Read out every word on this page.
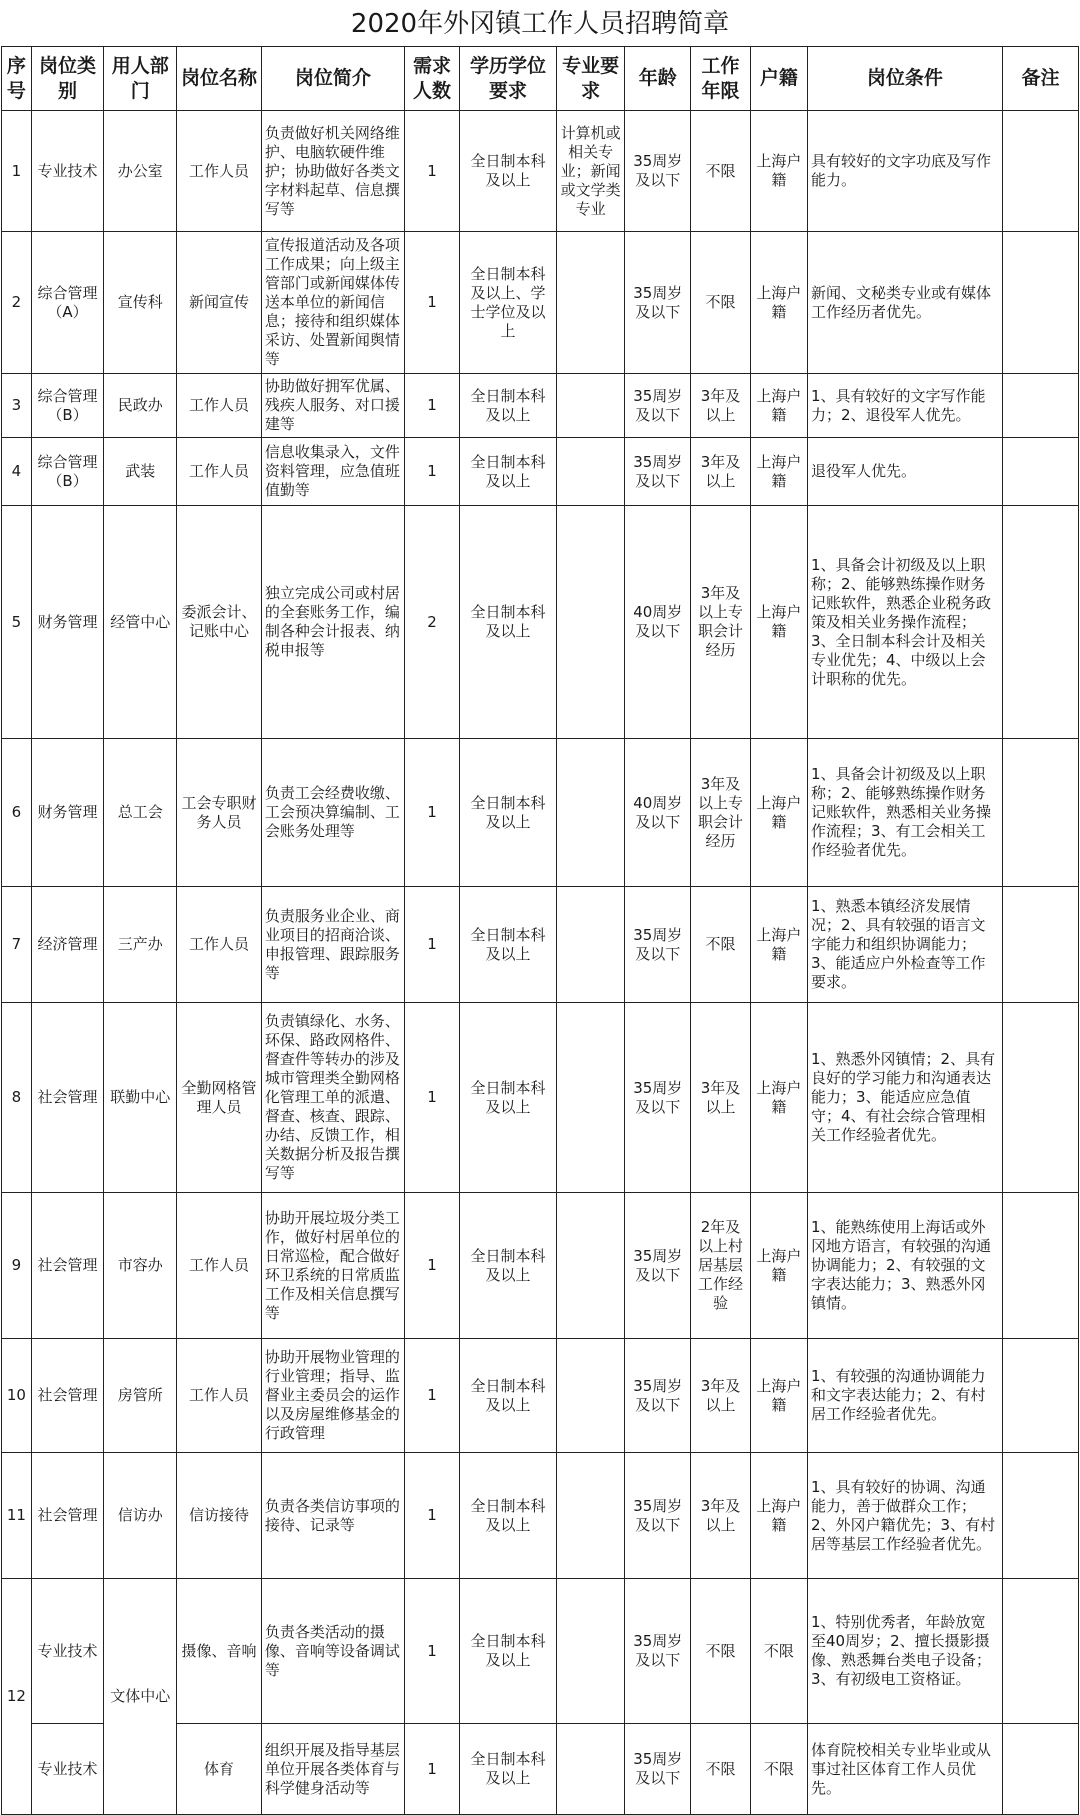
2020年外冈镇工作人员招聘简章
序号	岗位类别	用人部门	岗位名称	岗位简介	需求人数	学历学位要求	专业要求	年龄	工作年限	户籍	岗位条件	备注
1	专业技术	办公室	工作人员	负责做好机关网络维护、电脑软硬件维护；协助做好各类文字材料起草、信息撰写等	1	全日制本科及以上	计算机或相关专业；新闻或文学类专业	35周岁及以下	不限	上海户籍	具有较好的文字功底及写作能力。	
2	综合管理（A）	宣传科	新闻宣传	宣传报道活动及各项工作成果；向上级主管部门或新闻媒体传送本单位的新闻信息；接待和组织媒体采访、处置新闻舆情等	1	全日制本科及以上、学士学位及以上		35周岁及以下	不限	上海户籍	新闻、文秘类专业或有媒体工作经历者优先。	
3	综合管理（B）	民政办	工作人员	协助做好拥军优属、残疾人服务、对口援建等	1	全日制本科及以上		35周岁及以下	3年及以上	上海户籍	1、具有较好的文字写作能力；2、退役军人优先。	
4	综合管理（B）	武装	工作人员	信息收集录入，文件资料管理，应急值班值勤等	1	全日制本科及以上		35周岁及以下	3年及以上	上海户籍	退役军人优先。	
5	财务管理	经管中心	委派会计、记账中心	独立完成公司或村居的全套账务工作，编制各种会计报表、纳税申报等	2	全日制本科及以上		40周岁及以下	3年及以上专职会计经历	上海户籍	1、具备会计初级及以上职称；2、能够熟练操作财务记账软件，熟悉企业税务政策及相关业务操作流程；3、全日制本科会计及相关专业优先；4、中级以上会计职称的优先。	
6	财务管理	总工会	工会专职财务人员	负责工会经费收缴、工会预决算编制、工会账务处理等	1	全日制本科及以上		40周岁及以下	3年及以上专职会计经历	上海户籍	1、具备会计初级及以上职称；2、能够熟练操作财务记账软件，熟悉相关业务操作流程；3、有工会相关工作经验者优先。	
7	经济管理	三产办	工作人员	负责服务业企业、商业项目的招商洽谈、申报管理、跟踪服务等	1	全日制本科及以上		35周岁及以下	不限	上海户籍	1、熟悉本镇经济发展情况；2、具有较强的语言文字能力和组织协调能力；3、能适应户外检查等工作要求。	
8	社会管理	联勤中心	全勤网格管理人员	负责镇绿化、水务、环保、路政网格件、督查件等转办的涉及城市管理类全勤网格化管理工单的派遣、督查、核查、跟踪、办结、反馈工作，相关数据分析及报告撰写等	1	全日制本科及以上		35周岁及以下	3年及以上	上海户籍	1、熟悉外冈镇情；2、具有良好的学习能力和沟通表达能力；3、能适应应急值守；4、有社会综合管理相关工作经验者优先。	
9	社会管理	市容办	工作人员	协助开展垃圾分类工作，做好村居单位的日常巡检，配合做好环卫系统的日常质监工作及相关信息撰写等	1	全日制本科及以上		35周岁及以下	2年及以上村居基层工作经验	上海户籍	1、能熟练使用上海话或外冈地方语言，有较强的沟通协调能力；2、有较强的文字表达能力；3、熟悉外冈镇情。	
10	社会管理	房管所	工作人员	协助开展物业管理的行业管理；指导、监督业主委员会的运作以及房屋维修基金的行政管理	1	全日制本科及以上		35周岁及以下	3年及以上	上海户籍	1、有较强的沟通协调能力和文字表达能力；2、有村居工作经验者优先。	
11	社会管理	信访办	信访接待	负责各类信访事项的接待、记录等	1	全日制本科及以上		35周岁及以下	3年及以上	上海户籍	1、具有较好的协调、沟通能力，善于做群众工作；2、外冈户籍优先；3、有村居等基层工作经验者优先。	
12	专业技术	文体中心	摄像、音响	负责各类活动的摄像、音响等设备调试等	1	全日制本科及以上		35周岁及以下	不限	不限	1、特别优秀者，年龄放宽至40周岁；2、擅长摄影摄像、熟悉舞台类电子设备；3、有初级电工资格证。	
	专业技术		体育	组织开展及指导基层单位开展各类体育与科学健身活动等	1	全日制本科及以上		35周岁及以下	不限	不限	体育院校相关专业毕业或从事过社区体育工作人员优先。	
